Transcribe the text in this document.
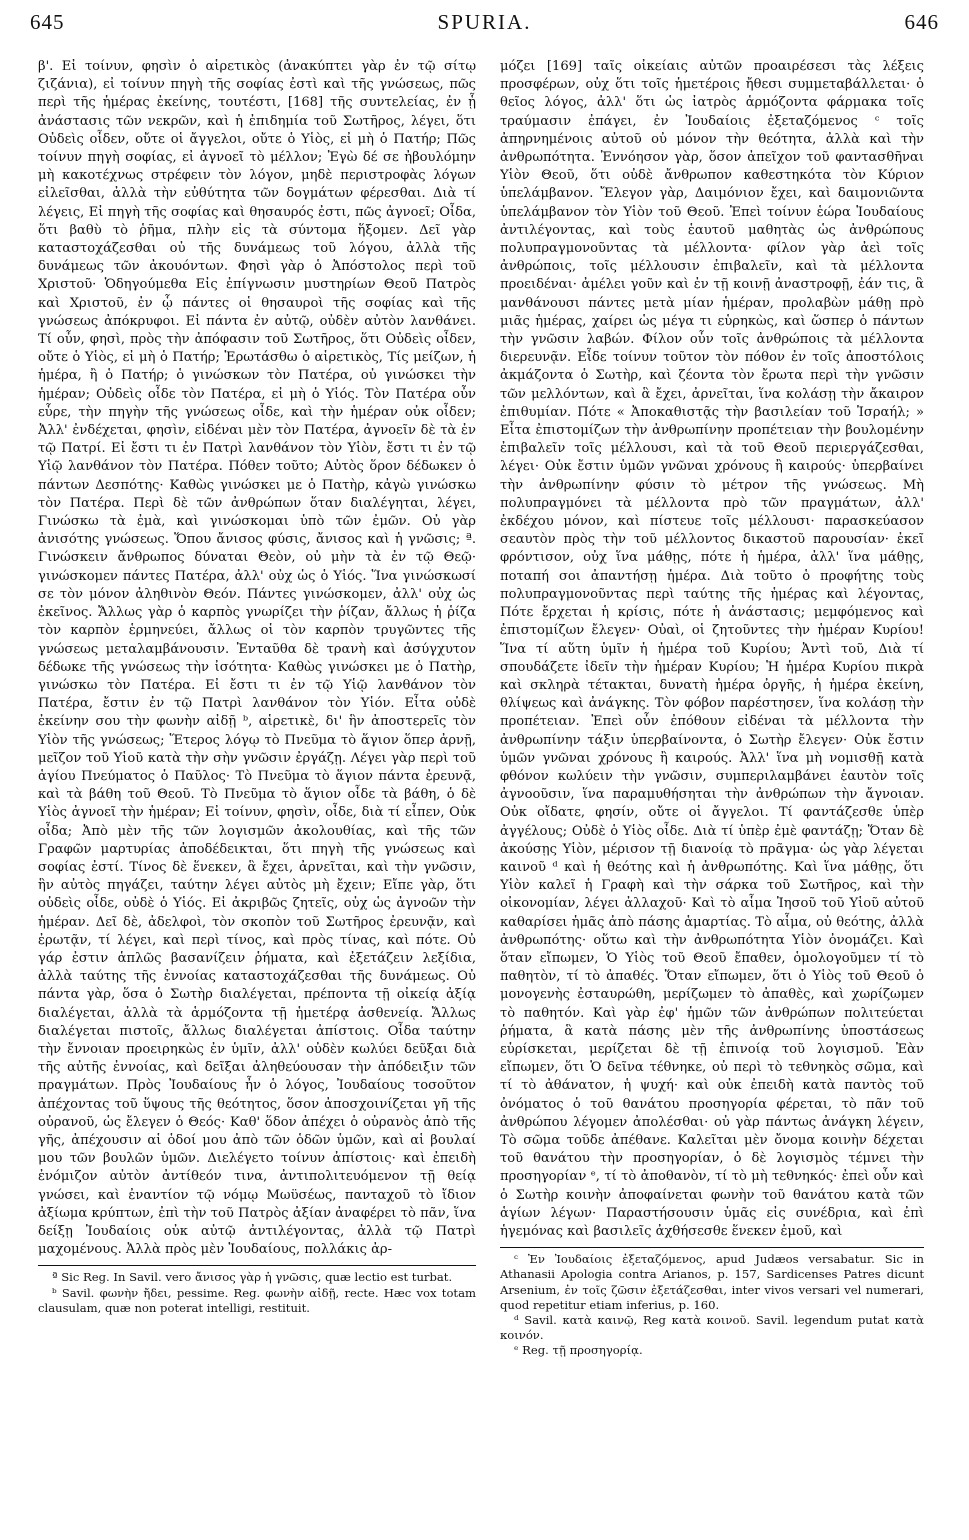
645	SPURIA.	646

β'. Εἰ τοίνυν, φησὶν ὁ αἱρετικὸς (ἀνακύπτει γὰρ ἐν τῷ σίτῳ ζιζάνια), εἰ τοίνυν πηγὴ τῆς σοφίας ἐστὶ καὶ τῆς γνώσεως, πῶς περὶ τῆς ἡμέρας ἐκείνης, τουτέστι, [168] τῆς συντελείας, ἐν ᾗ ἀνάστασις τῶν νεκρῶν, καὶ ἡ ἐπιδημία τοῦ Σωτῆρος, λέγει, ὅτι Οὐδεὶς οἶδεν, οὔτε οἱ ἄγγελοι, οὔτε ὁ Υἱὸς, εἰ μὴ ὁ Πατήρ; Πῶς τοίνυν πηγὴ σοφίας, εἰ ἀγνοεῖ τὸ μέλλον; Ἐγὼ δέ σε ἠβουλόμην μὴ κακοτέχνως στρέφειν τὸν λόγον, μηδὲ περιστροφὰς λόγων εἰλεῖσθαι, ἀλλὰ τὴν εὐθύτητα τῶν δογμάτων φέρεσθαι. Διὰ τί λέγεις, Εἰ πηγὴ τῆς σοφίας καὶ θησαυρός ἐστι, πῶς ἀγνοεῖ; Οἶδα, ὅτι βαθὺ τὸ ῥῆμα, πλὴν εἰς τὰ σύντομα ἥξομεν. Δεῖ γὰρ καταστοχάζεσθαι οὐ τῆς δυνάμεως τοῦ λόγου, ἀλλὰ τῆς δυνάμεως τῶν ἀκουόντων. Φησὶ γὰρ ὁ Ἀπόστολος περὶ τοῦ Χριστοῦ· Ὁδηγούμεθα Εἰς ἐπίγνωσιν μυστηρίων Θεοῦ Πατρὸς καὶ Χριστοῦ, ἐν ᾧ πάντες οἱ θησαυροὶ τῆς σοφίας καὶ τῆς γνώσεως ἀπόκρυφοι. Εἰ πάντα ἐν αὐτῷ, οὐδὲν αὐτὸν λανθάνει. Τί οὖν, φησὶ, πρὸς τὴν ἀπόφασιν τοῦ Σωτῆρος, ὅτι Οὐδεὶς οἶδεν, οὔτε ὁ Υἱὸς, εἰ μὴ ὁ Πατήρ; Ἐρωτάσθω ὁ αἱρετικὸς, Τίς μείζων, ἡ ἡμέρα, ἢ ὁ Πατήρ; ὁ γινώσκων τὸν Πατέρα, οὐ γινώσκει τὴν ἡμέραν; Οὐδεὶς οἶδε τὸν Πατέρα, εἰ μὴ ὁ Υἱός. Τὸν Πατέρα οὖν εὗρε, τὴν πηγὴν τῆς γνώσεως οἶδε, καὶ τὴν ἡμέραν οὐκ οἶδεν; Ἀλλ' ἐνδέχεται, φησὶν, εἰδέναι μὲν τὸν Πατέρα, ἀγνοεῖν δὲ τὰ ἐν τῷ Πατρί. Εἰ ἔστι τι ἐν Πατρὶ λανθάνον τὸν Υἱὸν, ἔστι τι ἐν τῷ Υἱῷ λανθάνον τὸν Πατέρα. Πόθεν τοῦτο; Αὐτὸς ὅρον δέδωκεν ὁ πάντων Δεσπότης· Καθὼς γινώσκει με ὁ Πατὴρ, κἀγὼ γινώσκω τὸν Πατέρα. Περὶ δὲ τῶν ἀνθρώπων ὅταν διαλέγηται, λέγει, Γινώσκω τὰ ἐμὰ, καὶ γινώσκομαι ὑπὸ τῶν ἐμῶν. Οὐ γὰρ ἀνισότης γνώσεως. Ὅπου ἄνισος φύσις, ἄνισος καὶ ἡ γνῶσις; ª. Γινώσκειν ἄνθρωπος δύναται Θεὸν, οὐ μὴν τὰ ἐν τῷ Θεῷ· γινώσκομεν πάντες Πατέρα, ἀλλ' οὐχ ὡς ὁ Υἱός. Ἵνα γινώσκωσί σε τὸν μόνον ἀληθινὸν Θεόν. Πάντες γινώσκομεν, ἀλλ' οὐχ ὡς ἐκεῖνος. Ἄλλως γὰρ ὁ καρπὸς γνωρίζει τὴν ῥίζαν, ἄλλως ἡ ῥίζα τὸν καρπὸν ἑρμηνεύει, ἄλλως οἱ τὸν καρπὸν τρυγῶντες τῆς γνώσεως μεταλαμβάνουσιν. Ἐνταῦθα δὲ τρανὴ καὶ ἀσύγχυτον δέδωκε τῆς γνώσεως τὴν ἰσότητα· Καθὼς γινώσκει με ὁ Πατὴρ, γινώσκω τὸν Πατέρα. Εἰ ἔστι τι ἐν τῷ Υἱῷ λανθάνον τὸν Πατέρα, ἔστιν ἐν τῷ Πατρὶ λανθάνον τὸν Υἱόν. Εἶτα οὐδὲ ἐκείνην σου τὴν φωνὴν αἰδῇ ᵇ, αἱρετικὲ, δι' ἣν ἀποστερεῖς τὸν Υἱὸν τῆς γνώσεως; Ἕτερος λόγῳ τὸ Πνεῦμα τὸ ἅγιον ὅπερ ἀρνῇ, μεῖζον τοῦ Υἱοῦ κατὰ τὴν σὴν γνῶσιν ἐργάζῃ. Λέγει γὰρ περὶ τοῦ ἁγίου Πνεύματος ὁ Παῦλος· Τὸ Πνεῦμα τὸ ἅγιον πάντα ἐρευνᾷ, καὶ τὰ βάθη τοῦ Θεοῦ. Τὸ Πνεῦμα τὸ ἅγιον οἶδε τὰ βάθη, ὁ δὲ Υἱὸς ἀγνοεῖ τὴν ἡμέραν; Εἰ τοίνυν, φησὶν, οἶδε, διὰ τί εἶπεν, Οὐκ οἶδα; Ἀπὸ μὲν τῆς τῶν λογισμῶν ἀκολουθίας, καὶ τῆς τῶν Γραφῶν μαρτυρίας ἀποδέδεικται, ὅτι πηγὴ τῆς γνώσεως καὶ σοφίας ἐστί. Τίνος δὲ ἕνεκεν, ἃ ἔχει, ἀρνεῖται, καὶ τὴν γνῶσιν, ἣν αὐτὸς πηγάζει, ταύτην λέγει αὐτὸς μὴ ἔχειν; Εἴπε γὰρ, ὅτι οὐδεὶς οἶδε, οὐδὲ ὁ Υἱός. Εἰ ἀκριβῶς ζητεῖς, οὐχ ὡς ἀγνοῶν τὴν ἡμέραν. Δεῖ δὲ, ἀδελφοὶ, τὸν σκοπὸν τοῦ Σωτῆρος ἐρευνᾷν, καὶ ἐρωτᾷν, τί λέγει, καὶ περὶ τίνος, καὶ πρὸς τίνας, καὶ πότε. Οὐ γάρ ἐστιν ἁπλῶς βασανίζειν ῥήματα, καὶ ἐξετάζειν λεξίδια, ἀλλὰ ταύτης τῆς ἐννοίας καταστοχάζεσθαι τῆς δυνάμεως. Οὐ πάντα γὰρ, ὅσα ὁ Σωτὴρ διαλέγεται, πρέποντα τῇ οἰκείᾳ ἀξίᾳ διαλέγεται, ἀλλὰ τὰ ἁρμόζοντα τῇ ἡμετέρᾳ ἀσθενείᾳ. Ἄλλως διαλέγεται πιστοῖς, ἄλλως διαλέγεται ἀπίστοις. Οἶδα ταύτην τὴν ἔννοιαν προειρηκὼς ἐν ὑμῖν, ἀλλ' οὐδὲν κωλύει δεῦξαι διὰ τῆς αὐτῆς ἐννοίας, καὶ δεῖξαι ἀληθεύουσαν τὴν ἀπόδειξιν τῶν πραγμάτων. Πρὸς Ἰουδαίους ἦν ὁ λόγος, Ἰουδαίους τοσοῦτον ἀπέχοντας τοῦ ὕψους τῆς θεότητος, ὅσον ἀποσχοινίζεται γῆ τῆς οὐρανοῦ, ὡς ἔλεγεν ὁ Θεός· Καθ' ὅδον ἀπέχει ὁ οὐρανὸς ἀπὸ τῆς γῆς, ἀπέχουσιν αἱ ὁδοί μου ἀπὸ τῶν ὁδῶν ὑμῶν, καὶ αἱ βουλαί μου τῶν βουλῶν ὑμῶν. Διελέγετο τοίνυν ἀπίστοις· καὶ ἐπειδὴ ἐνόμιζον αὐτὸν ἀντίθεόν τινα, ἀντιπολιτευόμενον τῇ θείᾳ γνώσει, καὶ ἐναντίον τῷ νόμῳ Μωϋσέως, πανταχοῦ τὸ ἴδιον ἀξίωμα κρύπτων, ἐπὶ τὴν τοῦ Πατρὸς ἀξίαν ἀναφέρει τὸ πᾶν, ἵνα δείξῃ Ἰουδαίοις οὐκ αὐτῷ ἀντιλέγοντας, ἀλλὰ τῷ Πατρὶ μαχομένους. Ἀλλὰ πρὸς μὲν Ἰουδαίους, πολλάκις ἀρ-

ª Sic Reg. In Savil. vero ἄνισος γὰρ ἡ γνῶσις, quæ lectio est turbat.

ᵇ Savil. φωνὴν ἤδει, pessime. Reg. φωνὴν αἰδῇ, recte. Hæc vox totam clausulam, quæ non poterat intelligi, restituit.

μόζει [169] ταῖς οἰκείαις αὐτῶν προαιρέσεσι τὰς λέξεις προσφέρων, οὐχ ὅτι τοῖς ἡμετέροις ἤθεσι συμμεταβάλλεται· ὁ θεῖος λόγος, ἀλλ' ὅτι ὡς ἰατρὸς ἁρμόζοντα φάρμακα τοῖς τραύμασιν ἐπάγει, ἐν Ἰουδαίοις ἐξεταζόμενος ᶜ τοῖς ἀπηρνημένοις αὐτοῦ οὐ μόνον τὴν θεότητα, ἀλλὰ καὶ τὴν ἀνθρωπότητα. Ἐννόησον γὰρ, ὅσον ἀπεῖχον τοῦ φαντασθῆναι Υἱὸν Θεοῦ, ὅτι οὐδὲ ἄνθρωπον καθεστηκότα τὸν Κύριον ὑπελάμβανον. Ἔλεγον γὰρ, Δαιμόνιον ἔχει, καὶ δαιμονιῶντα ὑπελάμβανον τὸν Υἱὸν τοῦ Θεοῦ. Ἐπεὶ τοίνυν ἑώρα Ἰουδαίους ἀντιλέγοντας, καὶ τοὺς ἑαυτοῦ μαθητὰς ὡς ἀνθρώπους πολυπραγμονοῦντας τὰ μέλλοντα· φίλον γὰρ ἀεὶ τοῖς ἀνθρώποις, τοῖς μέλλουσιν ἐπιβαλεῖν, καὶ τὰ μέλλοντα προειδέναι· ἀμέλει γοῦν καὶ ἐν τῇ κοινῇ ἀναστροφῇ, ἐάν τις, ἃ μανθάνουσι πάντες μετὰ μίαν ἡμέραν, προλαβὼν μάθῃ πρὸ μιᾶς ἡμέρας, χαίρει ὡς μέγα τι εὑρηκὼς, καὶ ὥσπερ ὁ πάντων τὴν γνῶσιν λαβών. Φίλον οὖν τοῖς ἀνθρώποις τὰ μέλλοντα διερευνᾷν. Εἶδε τοίνυν τοῦτον τὸν πόθον ἐν τοῖς ἀποστόλοις ἀκμάζοντα ὁ Σωτὴρ, καὶ ζέοντα τὸν ἔρωτα περὶ τὴν γνῶσιν τῶν μελλόντων, καὶ ἃ ἔχει, ἀρνεῖται, ἵνα κολάσῃ τὴν ἄκαιρον ἐπιθυμίαν. Πότε « Ἀποκαθιστᾷς τὴν βασιλείαν τοῦ Ἰσραήλ; » Εἶτα ἐπιστομίζων τὴν ἀνθρωπίνην προπέτειαν τὴν βουλομένην ἐπιβαλεῖν τοῖς μέλλουσι, καὶ τὰ τοῦ Θεοῦ περιεργάζεσθαι, λέγει· Οὐκ ἔστιν ὑμῶν γνῶναι χρόνους ἢ καιρούς· ὑπερβαίνει τὴν ἀνθρωπίνην φύσιν τὸ μέτρον τῆς γνώσεως. Μὴ πολυπραγμόνει τὰ μέλλοντα πρὸ τῶν πραγμάτων, ἀλλ' ἐκδέχου μόνον, καὶ πίστευε τοῖς μέλλουσι· παρασκεύασον σεαυτὸν πρὸς τὴν τοῦ μέλλοντος δικαστοῦ παρουσίαν· ἐκεῖ φρόντισον, οὐχ ἵνα μάθῃς, πότε ἡ ἡμέρα, ἀλλ' ἵνα μάθῃς, ποταπή σοι ἀπαντήσῃ ἡμέρα. Διὰ τοῦτο ὁ προφήτης τοὺς πολυπραγμονοῦντας περὶ ταύτης τῆς ἡμέρας καὶ λέγοντας, Πότε ἔρχεται ἡ κρίσις, πότε ἡ ἀνάστασις; μεμφόμενος καὶ ἐπιστομίζων ἔλεγεν· Οὐαὶ, οἱ ζητοῦντες τὴν ἡμέραν Κυρίου! Ἵνα τί αὕτη ὑμῖν ἡ ἡμέρα τοῦ Κυρίου; Ἀντὶ τοῦ, Διὰ τί σπουδάζετε ἰδεῖν τὴν ἡμέραν Κυρίου; Ἡ ἡμέρα Κυρίου πικρὰ καὶ σκληρὰ τέτακται, δυνατὴ ἡμέρα ὀργῆς, ἡ ἡμέρα ἐκείνη, θλίψεως καὶ ἀνάγκης. Τὸν φόβον παρέστησεν, ἵνα κολάσῃ τὴν προπέτειαν. Ἐπεὶ οὖν ἐπόθουν εἰδέναι τὰ μέλλοντα τὴν ἀνθρωπίνην τάξιν ὑπερβαίνοντα, ὁ Σωτὴρ ἔλεγεν· Οὐκ ἔστιν ὑμῶν γνῶναι χρόνους ἢ καιρούς. Ἀλλ' ἵνα μὴ νομισθῇ κατὰ φθόνον κωλύειν τὴν γνῶσιν, συμπεριλαμβάνει ἑαυτὸν τοῖς ἀγνοοῦσιν, ἵνα παραμυθήσηται τὴν ἀνθρώπων τὴν ἄγνοιαν. Οὐκ οἴδατε, φησίν, οὔτε οἱ ἄγγελοι. Τί φαντάζεσθε ὑπὲρ ἀγγέλους; Οὐδὲ ὁ Υἱὸς οἶδε. Διὰ τί ὑπὲρ ἐμὲ φαντάζῃ; Ὅταν δὲ ἀκούσῃς Υἱὸν, μέρισον τῇ διανοίᾳ τὸ πρᾶγμα· ὡς γὰρ λέγεται καινοῦ ᵈ καὶ ἡ θεότης καὶ ἡ ἀνθρωπότης. Καὶ ἵνα μάθῃς, ὅτι Υἱὸν καλεῖ ἡ Γραφὴ καὶ τὴν σάρκα τοῦ Σωτῆρος, καὶ τὴν οἰκονομίαν, λέγει ἀλλαχοῦ· Καὶ τὸ αἷμα Ἰησοῦ τοῦ Υἱοῦ αὐτοῦ καθαρίσει ἡμᾶς ἀπὸ πάσης ἁμαρτίας. Τὸ αἷμα, οὐ θεότης, ἀλλὰ ἀνθρωπότης· οὕτω καὶ τὴν ἀνθρωπότητα Υἱὸν ὀνομάζει. Καὶ ὅταν εἴπωμεν, Ὁ Υἱὸς τοῦ Θεοῦ ἔπαθεν, ὁμολογοῦμεν τί τὸ παθητὸν, τί τὸ ἀπαθές. Ὅταν εἴπωμεν, ὅτι ὁ Υἱὸς τοῦ Θεοῦ ὁ μονογενὴς ἐσταυρώθη, μερίζωμεν τὸ ἀπαθὲς, καὶ χωρίζωμεν τὸ παθητόν. Καὶ γὰρ ἐφ' ἡμῶν τῶν ἀνθρώπων πολιτεύεται ῥήματα, ἃ κατὰ πάσης μὲν τῆς ἀνθρωπίνης ὑποστάσεως εὑρίσκεται, μερίζεται δὲ τῇ ἐπινοίᾳ τοῦ λογισμοῦ. Ἐὰν εἴπωμεν, ὅτι Ὁ δεῖνα τέθνηκε, οὐ περὶ τὸ τεθνηκὸς σῶμα, καὶ τί τὸ ἀθάνατον, ἡ ψυχή· καὶ οὐκ ἐπειδὴ κατὰ παντὸς τοῦ ὀνόματος ὁ τοῦ θανάτου προσηγορία φέρεται, τὸ πᾶν τοῦ ἀνθρώπου λέγομεν ἀπολέσθαι· οὐ γὰρ πάντως ἀνάγκη λέγειν, Τὸ σῶμα τοῦδε ἀπέθανε. Καλεῖται μὲν ὄνομα κοινὴν δέχεται τοῦ θανάτου τὴν προσηγορίαν, ὁ δὲ λογισμὸς τέμνει τὴν προσηγορίαν ᵉ, τί τὸ ἀποθανὸν, τί τὸ μὴ τεθνηκός· ἐπεὶ οὖν καὶ ὁ Σωτὴρ κοινὴν ἀποφαίνεται φωνὴν τοῦ θανάτου κατὰ τῶν ἁγίων λέγων· Παραστήσουσιν ὑμᾶς εἰς συνέδρια, καὶ ἐπὶ ἡγεμόνας καὶ βασιλεῖς ἀχθήσεσθε ἕνεκεν ἐμοῦ, καὶ

ᶜ Ἐν Ἰουδαίοις ἐξεταζόμενος, apud Judæos versabatur. Sic in Athanasii Apologia contra Arianos, p. 157, Sardicenses Patres dicunt Arsenium, ἐν τοῖς ζῶσιν ἐξετάζεσθαι, inter vivos versari vel numerari, quod repetitur etiam inferius, p. 160.

ᵈ Savil. κατὰ καινῷ, Reg κατὰ κοινοῦ. Savil. legendum putat κατὰ κοινόν.

ᵉ Reg. τῇ προσηγορίᾳ.
